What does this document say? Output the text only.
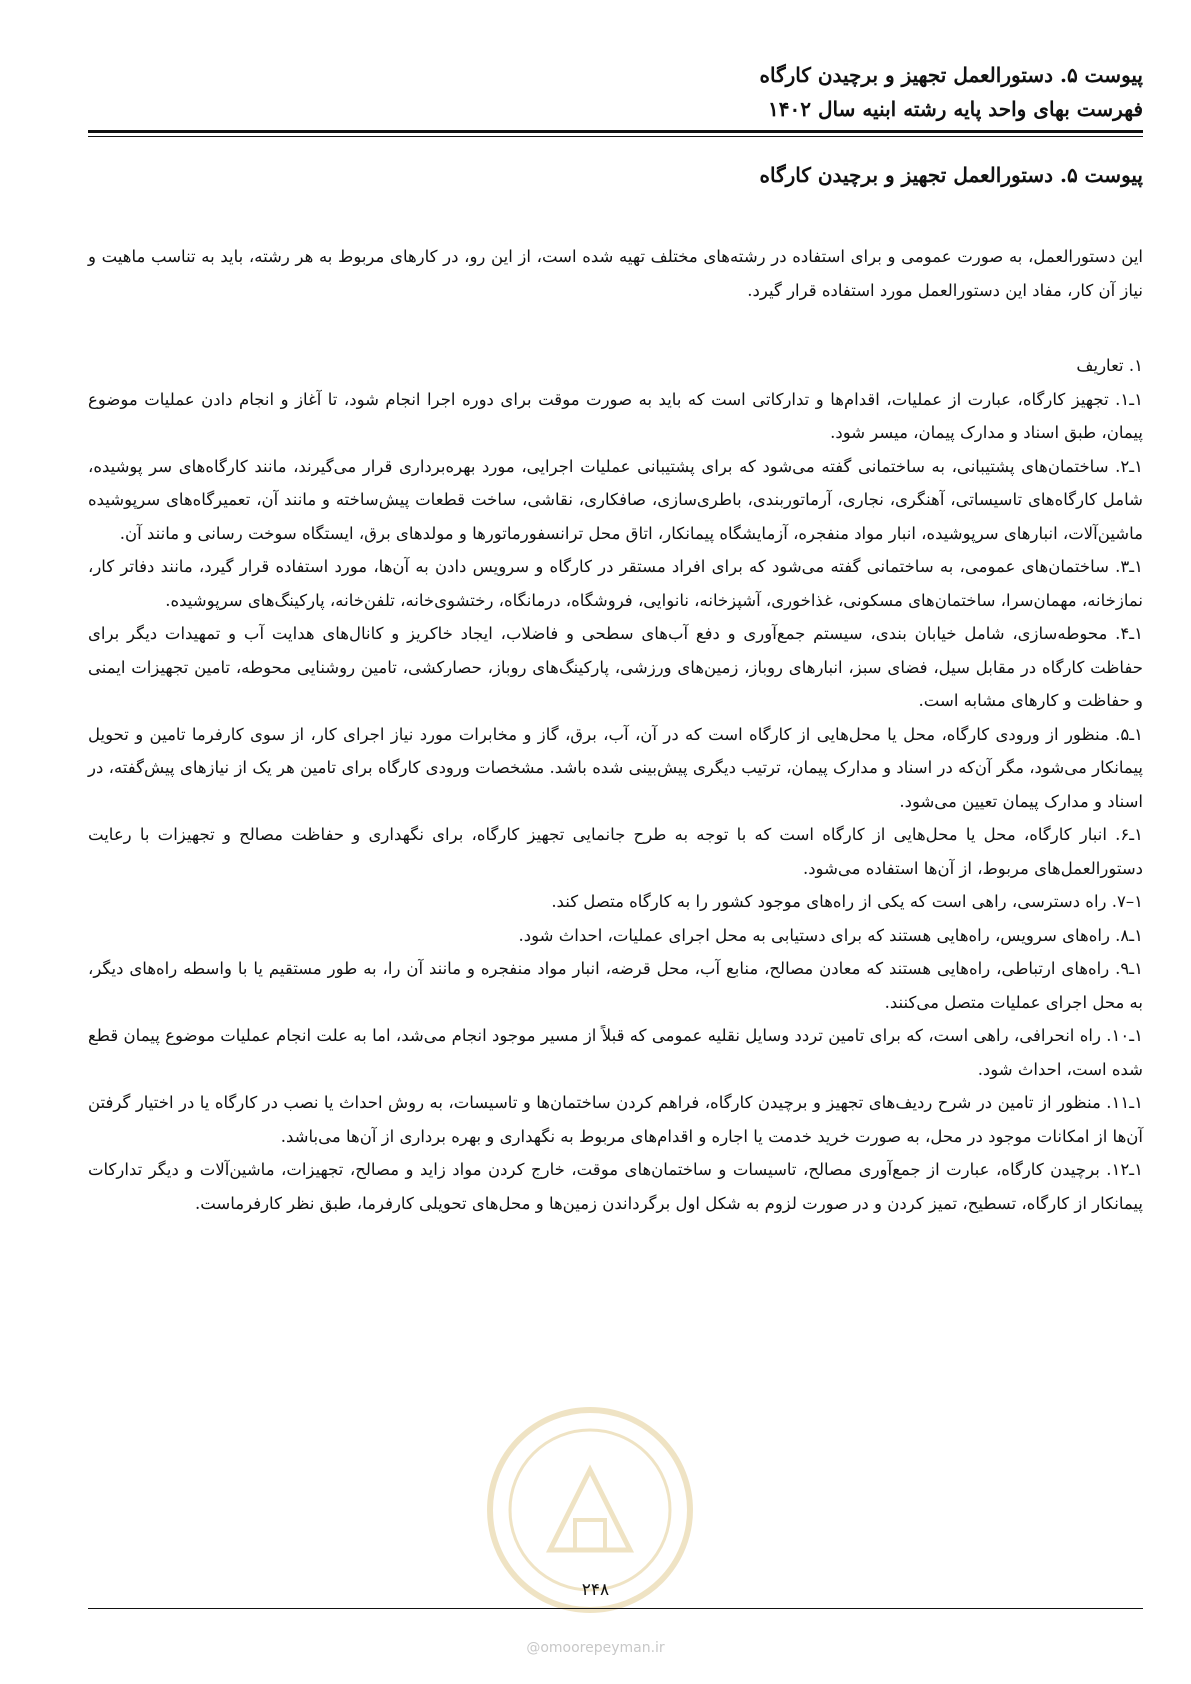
پیوست ۵. دستورالعمل تجهیز و برچیدن کارگاه
فهرست بهای واحد پایه رشته ابنیه سال ۱۴۰۲
پیوست ۵. دستورالعمل تجهیز و برچیدن کارگاه

این دستورالعمل، به صورت عمومی و برای استفاده در رشته‌های مختلف تهیه شده است، از این رو، در کارهای مربوط به هر رشته، باید به تناسب ماهیت و نیاز آن کار، مفاد این دستورالعمل مورد استفاده قرار گیرد.

۱. تعاریف

۱ـ۱. تجهیز کارگاه، عبارت از عملیات، اقدام‌ها و تدارکاتی است که باید به صورت موقت برای دوره اجرا انجام شود، تا آغاز و انجام دادن عملیات موضوع پیمان، طبق اسناد و مدارک پیمان، میسر شود.

۱ـ۲. ساختمان‌های پشتیبانی، به ساختمانی گفته می‌شود که برای پشتیبانی عملیات اجرایی، مورد بهره‌برداری قرار می‌گیرند، مانند کارگاه‌های سر پوشیده، شامل کارگاه‌های تاسیساتی، آهنگری، نجاری، آرماتوربندی، باطری‌سازی، صافکاری، نقاشی، ساخت قطعات پیش‌ساخته و مانند آن، تعمیرگاه‌های سرپوشیده ماشین‌آلات، انبارهای سرپوشیده، انبار مواد منفجره، آزمایشگاه پیمانکار، اتاق محل ترانسفورماتورها و مولدهای برق، ایستگاه سوخت رسانی و مانند آن.

۱ـ۳. ساختمان‌های عمومی، به ساختمانی گفته می‌شود که برای افراد مستقر در کارگاه و سرویس دادن به آن‌ها، مورد استفاده قرار گیرد، مانند دفاتر کار، نمازخانه، مهمان‌سرا، ساختمان‌های مسکونی، غذاخوری، آشپزخانه، نانوایی، فروشگاه، درمانگاه، رختشوی‌خانه، تلفن‌خانه، پارکینگ‌های سرپوشیده.

۱ـ۴. محوطه‌سازی، شامل خیابان بندی، سیستم جمع‌آوری و دفع آب‌های سطحی و فاضلاب، ایجاد خاکریز و کانال‌های هدایت آب و تمهیدات دیگر برای حفاظت کارگاه در مقابل سیل، فضای سبز، انبارهای روباز، زمین‌های ورزشی، پارکینگ‌های روباز، حصارکشی، تامین روشنایی محوطه، تامین تجهیزات ایمنی و حفاظت و کارهای مشابه است.

۱ـ۵. منظور از ورودی کارگاه، محل یا محل‌هایی از کارگاه است که در آن، آب، برق، گاز و مخابرات مورد نیاز اجرای کار، از سوی کارفرما تامین و تحویل پیمانکار می‌شود، مگر آن‌که در اسناد و مدارک پیمان، ترتیب دیگری پیش‌بینی شده باشد. مشخصات ورودی کارگاه برای تامین هر یک از نیازهای پیش‌گفته، در اسناد و مدارک پیمان تعیین می‌شود.

۱ـ۶. انبار کارگاه، محل یا محل‌هایی از کارگاه است که با توجه به طرح جانمایی تجهیز کارگاه، برای نگهداری و حفاظت مصالح و تجهیزات با رعایت دستورالعمل‌های مربوط، از آن‌ها استفاده می‌شود.

۱–۷. راه دسترسی، راهی است که یکی از راه‌های موجود کشور را به کارگاه متصل کند.

۱ـ۸. راه‌های سرویس، راه‌هایی هستند که برای دستیابی به محل اجرای عملیات، احداث شود.

۱ـ۹. راه‌های ارتباطی، راه‌هایی هستند که معادن مصالح، منابع آب، محل قرضه، انبار مواد منفجره و مانند آن را، به طور مستقیم یا با واسطه راه‌های دیگر، به محل اجرای عملیات متصل می‌کنند.

۱ـ۱۰. راه انحرافی، راهی است، که برای تامین تردد وسایل نقلیه عمومی که قبلاً از مسیر موجود انجام می‌شد، اما به علت انجام عملیات موضوع پیمان قطع شده است، احداث شود.

۱ـ۱۱. منظور از تامین در شرح ردیف‌های تجهیز و برچیدن کارگاه، فراهم کردن ساختمان‌ها و تاسیسات، به روش احداث یا نصب در کارگاه یا در اختیار گرفتن آن‌ها از امکانات موجود در محل، به صورت خرید خدمت یا اجاره و اقدام‌های مربوط به نگهداری و بهره برداری از آن‌ها می‌باشد.

۱ـ۱۲. برچیدن کارگاه، عبارت از جمع‌آوری مصالح، تاسیسات و ساختمان‌های موقت، خارج کردن مواد زاید و مصالح، تجهیزات، ماشین‌آلات و دیگر تدارکات پیمانکار از کارگاه، تسطیح، تمیز کردن و در صورت لزوم به شکل اول برگرداندن زمین‌ها و محل‌های تحویلی کارفرما، طبق نظر کارفرماست.

۲۴۸
@omoorepeyman.ir
